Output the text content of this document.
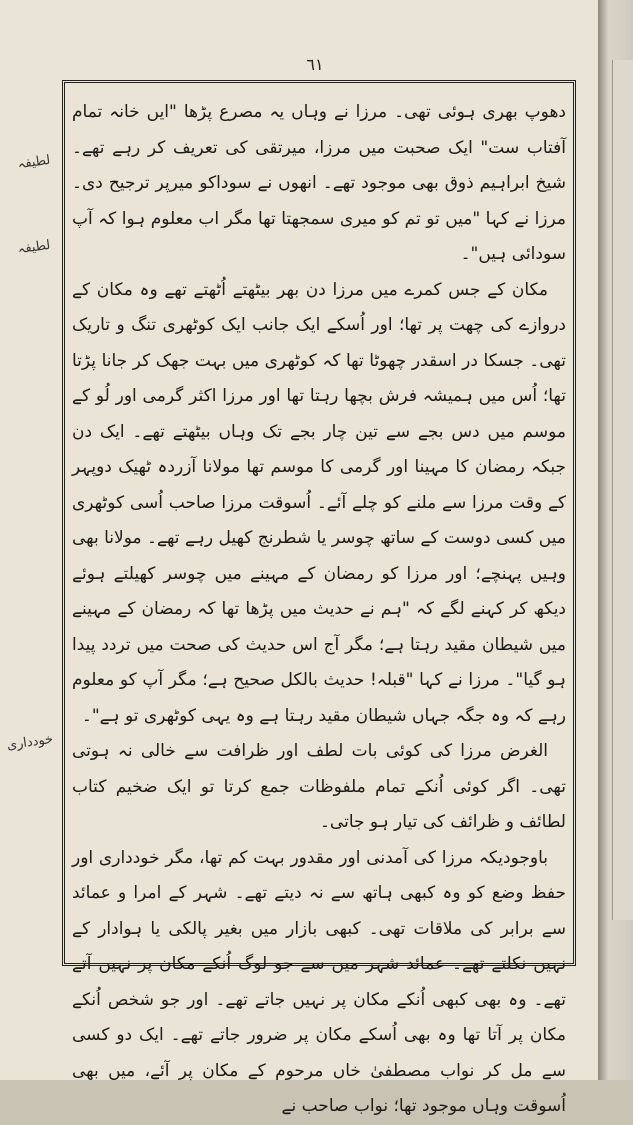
٦١
لطیفہ
لطیفہ
خودداری

دھوپ بھری ہوئی تھی۔ مرزا نے وہاں یہ مصرع پڑھا "ایں خانہ تمام آفتاب ست" ایک صحبت میں مرزا، میرتقی کی تعریف کر رہے تھے۔ شیخ ابراہیم ذوق بھی موجود تھے۔ انھوں نے سوداکو میرپر ترجیح دی۔ مرزا نے کہا "میں تو تم کو میری سمجھتا تھا مگر اب معلوم ہوا کہ آپ سودائی ہیں"۔

مکان کے جس کمرے میں مرزا دن بھر بیٹھتے اُٹھتے تھے وہ مکان کے دروازے کی چھت پر تھا؛ اور اُسکے ایک جانب ایک کوٹھری تنگ و تاریک تھی۔ جسکا در اسقدر چھوٹا تھا کہ کوٹھری میں بہت جھک کر جانا پڑتا تھا؛ اُس میں ہمیشہ فرش بچھا رہتا تھا اور مرزا اکثر گرمی اور لُو کے موسم میں دس بجے سے تین چار بجے تک وہاں بیٹھتے تھے۔ ایک دن جبکہ رمضان کا مہینا اور گرمی کا موسم تھا مولانا آزردہ ٹھیک دوپہر کے وقت مرزا سے ملنے کو چلے آئے۔ اُسوقت مرزا صاحب اُسی کوٹھری میں کسی دوست کے ساتھ چوسر یا شطرنج کھیل رہے تھے۔ مولانا بھی وہیں پہنچے؛ اور مرزا کو رمضان کے مہینے میں چوسر کھیلتے ہوئے دیکھ کر کہنے لگے کہ "ہم نے حدیث میں پڑھا تھا کہ رمضان کے مہینے میں شیطان مقید رہتا ہے؛ مگر آج اس حدیث کی صحت میں تردد پیدا ہو گیا"۔ مرزا نے کہا "قبلہ! حدیث بالکل صحیح ہے؛ مگر آپ کو معلوم رہے کہ وہ جگہ جہاں شیطان مقید رہتا ہے وہ یہی کوٹھری تو ہے"۔

الغرض مرزا کی کوئی بات لطف اور ظرافت سے خالی نہ ہوتی تھی۔ اگر کوئی اُنکے تمام ملفوظات جمع کرتا تو ایک ضخیم کتاب لطائف و ظرائف کی تیار ہو جاتی۔

باوجودیکہ مرزا کی آمدنی اور مقدور بہت کم تھا، مگر خودداری اور حفظ وضع کو وہ کبھی ہاتھ سے نہ دیتے تھے۔ شہر کے امرا و عمائد سے برابر کی ملاقات تھی۔ کبھی بازار میں بغیر پالکی یا ہوادار کے نہیں نکلتے تھے۔ عمائد شہر میں سے جو لوگ اُنکے مکان پر نہیں آتے تھے۔ وہ بھی کبھی اُنکے مکان پر نہیں جاتے تھے۔ اور جو شخص اُنکے مکان پر آتا تھا وہ بھی اُسکے مکان پر ضرور جاتے تھے۔ ایک دو کسی سے مل کر نواب مصطفیٰ خاں مرحوم کے مکان پر آئے، میں بھی اُسوقت وہاں موجود تھا؛ نواب صاحب نے
